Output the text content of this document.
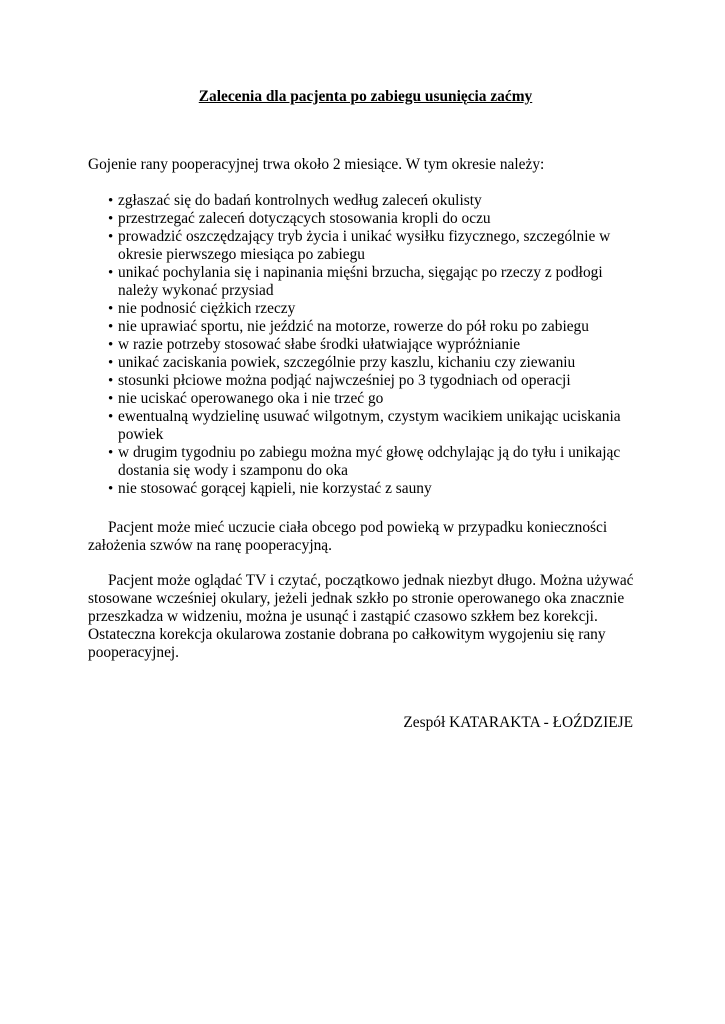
Zalecenia dla pacjenta po zabiegu usunięcia zaćmy

Gojenie rany pooperacyjnej trwa około 2 miesiące. W tym okresie należy:

• zgłaszać się do badań kontrolnych według zaleceń okulisty
• przestrzegać zaleceń dotyczących stosowania kropli do oczu
• prowadzić oszczędzający tryb życia i unikać wysiłku fizycznego, szczególnie w okresie pierwszego miesiąca po zabiegu
• unikać pochylania się i napinania mięśni brzucha, sięgając po rzeczy z podłogi należy wykonać przysiad
• nie podnosić ciężkich rzeczy
• nie uprawiać sportu, nie jeździć na motorze, rowerze do pół roku po zabiegu
• w razie potrzeby stosować słabe środki ułatwiające wypróżnianie
• unikać zaciskania powiek, szczególnie przy kaszlu, kichaniu czy ziewaniu
• stosunki płciowe można podjąć najwcześniej po 3 tygodniach od operacji
• nie uciskać operowanego oka i nie trzeć go
• ewentualną wydzielinę usuwać wilgotnym, czystym wacikiem unikając uciskania powiek
• w drugim tygodniu po zabiegu można myć głowę odchylając ją do tyłu i unikając dostania się wody i szamponu do oka
• nie stosować gorącej kąpieli, nie korzystać z sauny

Pacjent może mieć uczucie ciała obcego pod powieką w przypadku konieczności założenia szwów na ranę pooperacyjną.

Pacjent może oglądać TV i czytać, początkowo jednak niezbyt długo. Można używać stosowane wcześniej okulary, jeżeli jednak szkło po stronie operowanego oka znacznie przeszkadza w widzeniu, można je usunąć i zastąpić czasowo szkłem bez korekcji. Ostateczna korekcja okularowa zostanie dobrana po całkowitym wygojeniu się rany pooperacyjnej.

Zespół KATARAKTA - ŁOŹDZIEJE
